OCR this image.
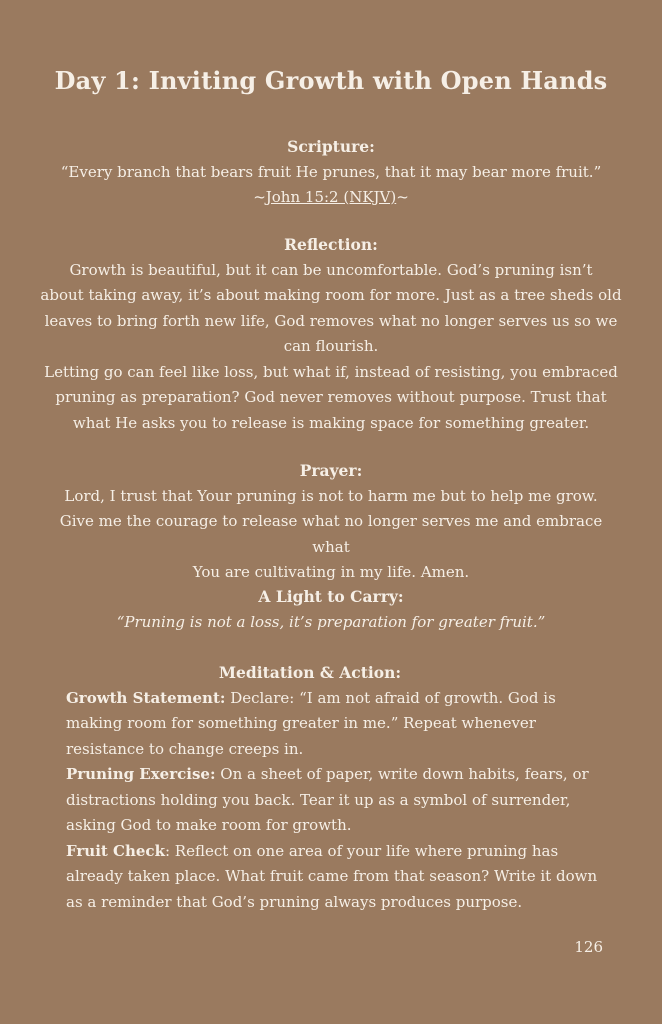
Day 1: Inviting Growth with Open Hands
Scripture:
“Every branch that bears fruit He prunes, that it may bear more fruit.”
~John 15:2 (NKJV)~
Reflection:
Growth is beautiful, but it can be uncomfortable. God’s pruning isn’t
about taking away, it’s about making room for more. Just as a tree sheds old
leaves to bring forth new life, God removes what no longer serves us so we
can flourish.
Letting go can feel like loss, but what if, instead of resisting, you embraced
pruning as preparation? God never removes without purpose. Trust that
what He asks you to release is making space for something greater.
Prayer:
Lord, I trust that Your pruning is not to harm me but to help me grow.
Give me the courage to release what no longer serves me and embrace what
You are cultivating in my life. Amen.
A Light to Carry:
“Pruning is not a loss, it’s preparation for greater fruit.”
Meditation & Action:
Growth Statement: Declare: “I am not afraid of growth. God is making room for something greater in me.” Repeat whenever resistance to change creeps in.
Pruning Exercise: On a sheet of paper, write down habits, fears, or distractions holding you back. Tear it up as a symbol of surrender, asking God to make room for growth.
Fruit Check: Reflect on one area of your life where pruning has already taken place. What fruit came from that season? Write it down as a reminder that God’s pruning always produces purpose.
126
